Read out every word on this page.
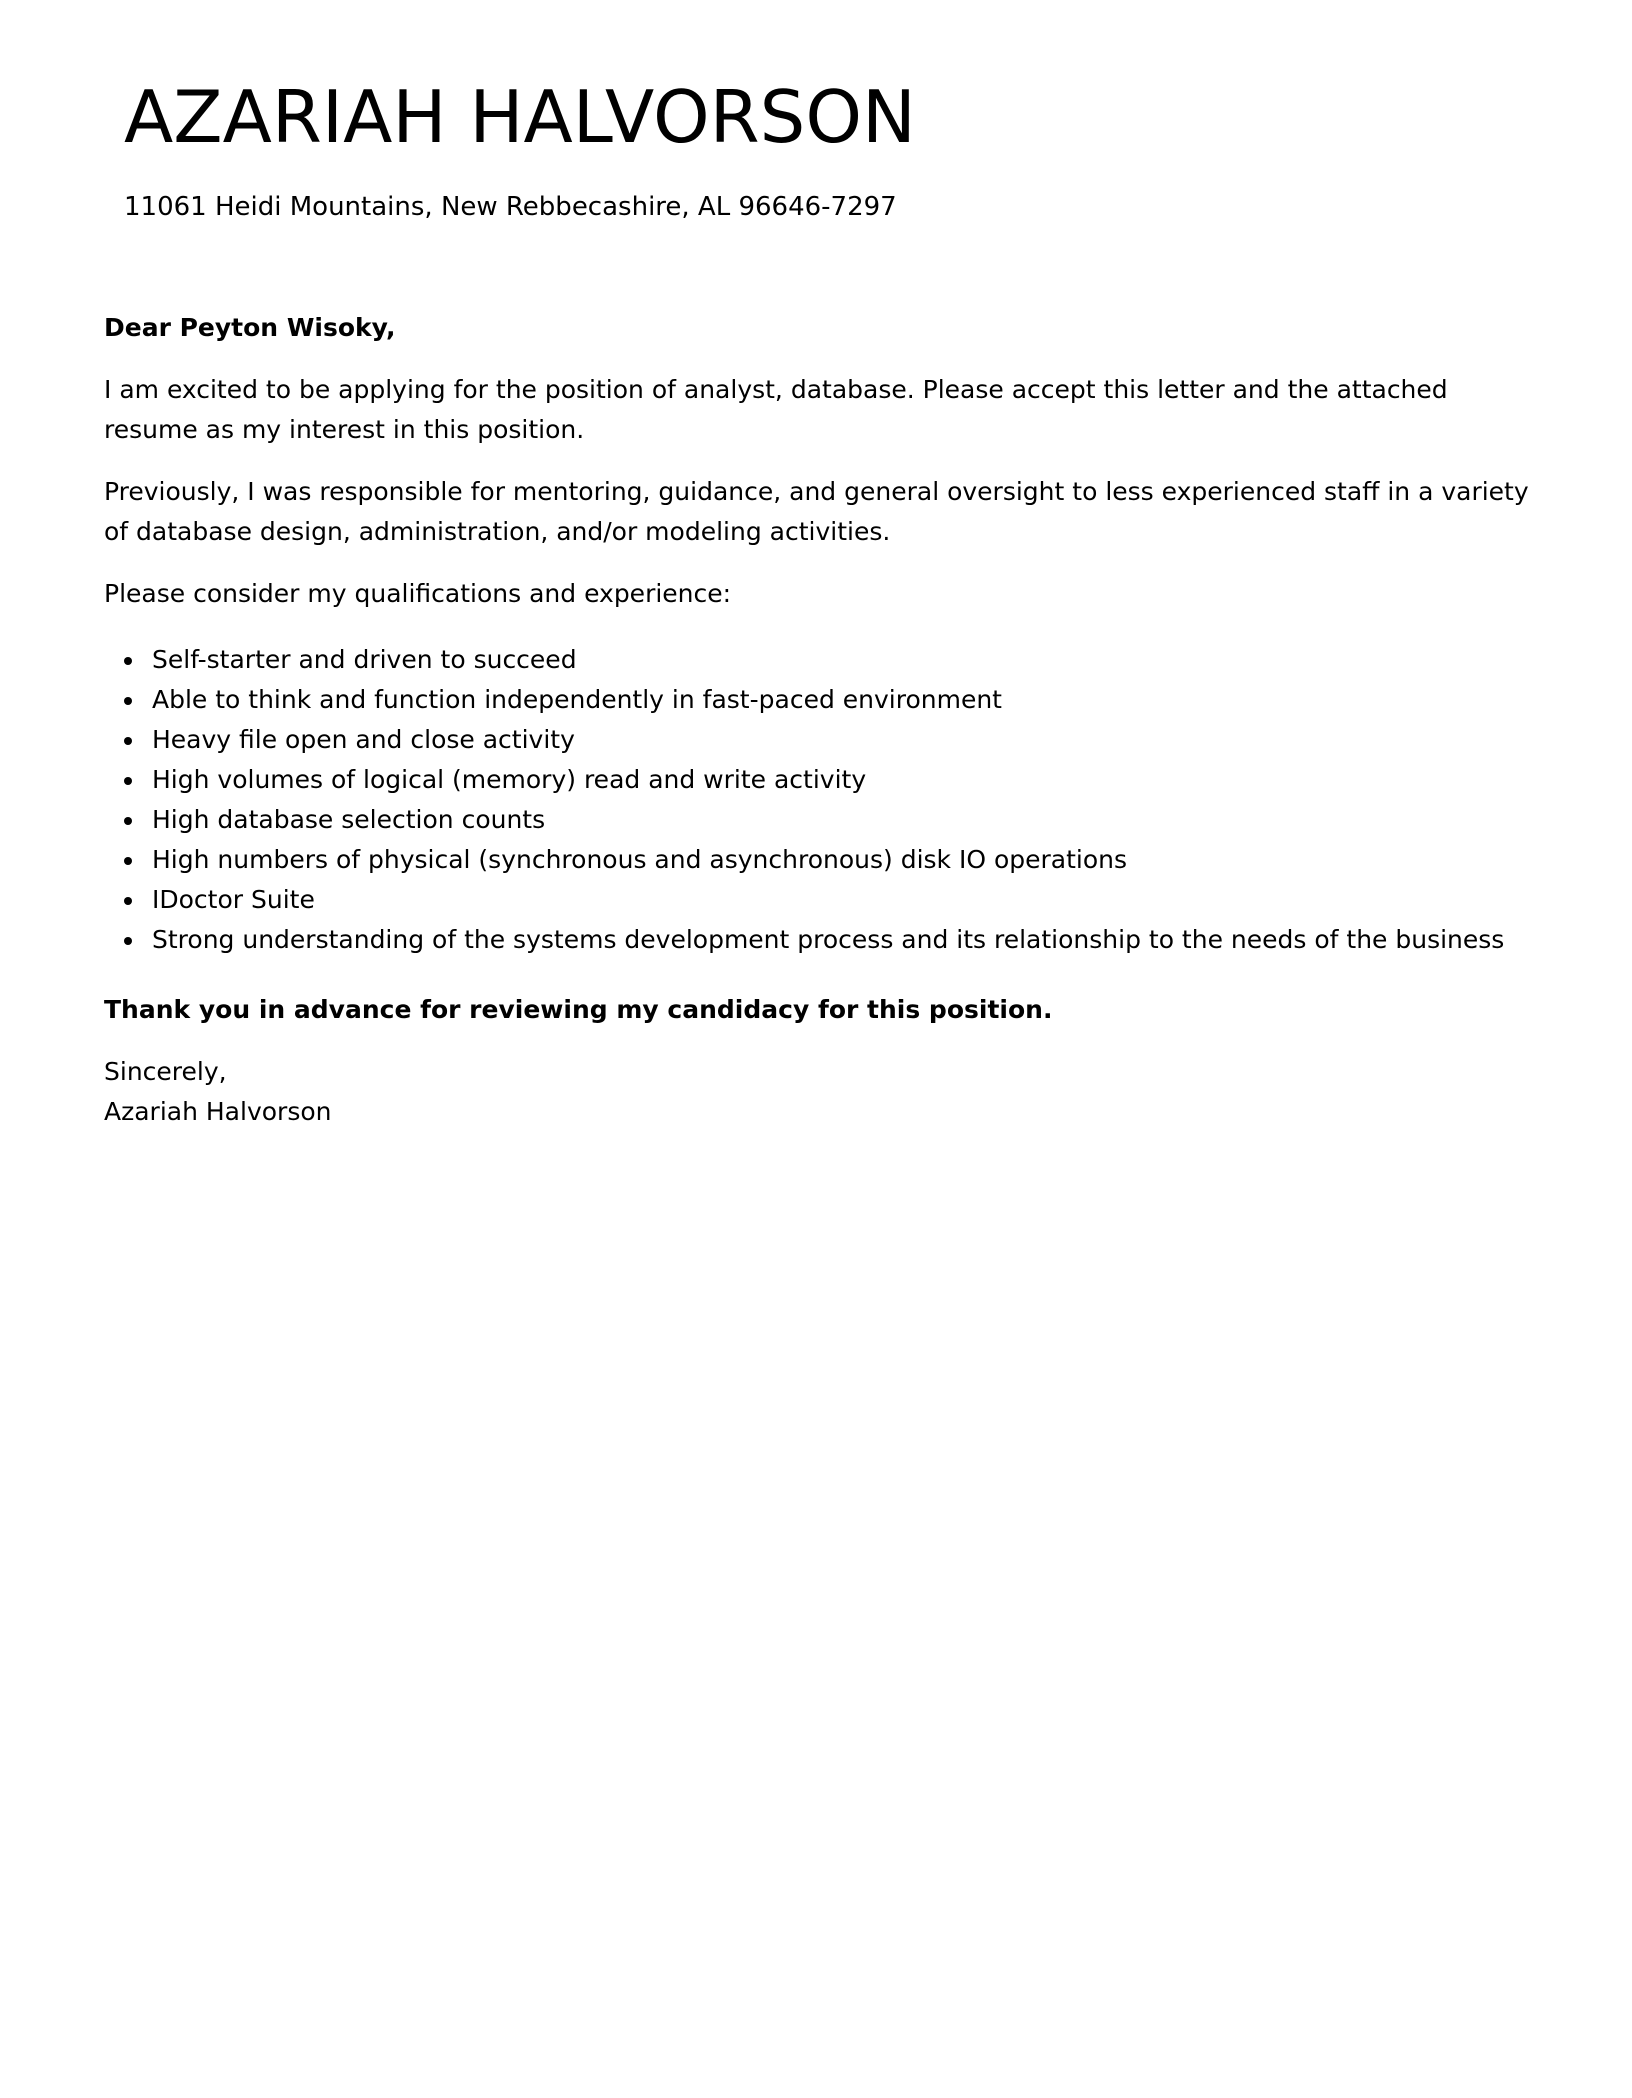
AZARIAH HALVORSON
11061 Heidi Mountains, New Rebbecashire, AL 96646-7297

Dear Peyton Wisoky,

I am excited to be applying for the position of analyst, database. Please accept this letter and the attached resume as my interest in this position.

Previously, I was responsible for mentoring, guidance, and general oversight to less experienced staff in a variety of database design, administration, and/or modeling activities.

Please consider my qualifications and experience:

Self-starter and driven to succeed
Able to think and function independently in fast-paced environment
Heavy file open and close activity
High volumes of logical (memory) read and write activity
High database selection counts
High numbers of physical (synchronous and asynchronous) disk IO operations
IDoctor Suite
Strong understanding of the systems development process and its relationship to the needs of the business

Thank you in advance for reviewing my candidacy for this position.

Sincerely,

Azariah Halvorson
